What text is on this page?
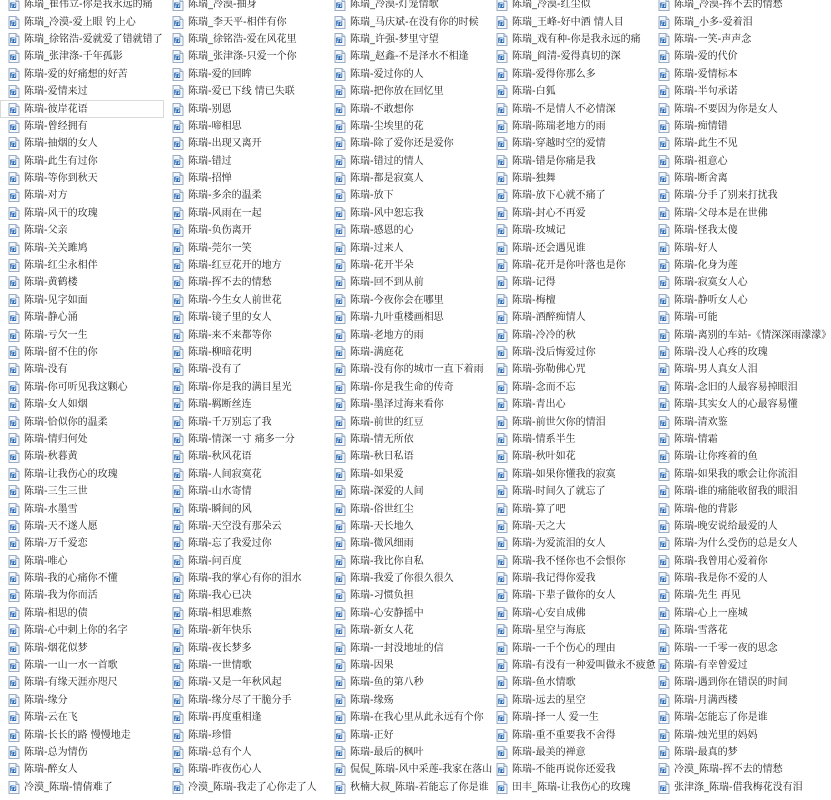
陈瑞_崔伟立-你是我永远的痛
陈瑞_冷漠-爱上眼 钓上心
陈瑞_徐铭浩-爱就爱了错就错了
陈瑞_张津涤-千年孤影
陈瑞-爱的好痛想的好苦
陈瑞-爱情来过
陈瑞-彼岸花语
陈瑞-曾经拥有
陈瑞-抽烟的女人
陈瑞-此生有过你
陈瑞-等你到秋天
陈瑞-对方
陈瑞-风干的玫瑰
陈瑞-父亲
陈瑞-关关雎鸠
陈瑞-红尘永相伴
陈瑞-黄鹤楼
陈瑞-见字如面
陈瑞-静心涌
陈瑞-亏欠一生
陈瑞-留不住的你
陈瑞-没有
陈瑞-你可听见我这颗心
陈瑞-女人如烟
陈瑞-恰似你的温柔
陈瑞-情归何处
陈瑞-秋暮黄
陈瑞-让我伤心的玫瑰
陈瑞-三生三世
陈瑞-水墨雪
陈瑞-天不遂人愿
陈瑞-万千爱恋
陈瑞-唯心
陈瑞-我的心痛你不懂
陈瑞-我为你而活
陈瑞-相思的债
陈瑞-心中刺上你的名字
陈瑞-烟花似梦
陈瑞-一山一水一首歌
陈瑞-有缘天涯亦咫尺
陈瑞-缘分
陈瑞-云在飞
陈瑞-长长的路 慢慢地走
陈瑞-总为情伤
陈瑞-醉女人
冷漠_陈瑞-情倩难了
陈瑞_冷漠-抽身
陈瑞_李天平-相伴有你
陈瑞_徐铭浩-爱在风花里
陈瑞_张津涤-只爱一个你
陈瑞-爱的回眸
陈瑞-爱已下线 情已失联
陈瑞-别恩
陈瑞-啼相思
陈瑞-出现又离开
陈瑞-错过
陈瑞-招惮
陈瑞-多余的温柔
陈瑞-风雨在一起
陈瑞-负伤离开
陈瑞-莞尔一笑
陈瑞-红豆花开的地方
陈瑞-挥不去的情愁
陈瑞-今生女人前世花
陈瑞-镜子里的女人
陈瑞-来不来都等你
陈瑞-柳暗花明
陈瑞-没有了
陈瑞-你是我的满目星光
陈瑞-羁断丝连
陈瑞-千万别忘了我
陈瑞-情深一寸 痛多一分
陈瑞-秋风花语
陈瑞-人间寂寞花
陈瑞-山水寄情
陈瑞-瞬间的风
陈瑞-天空没有那朵云
陈瑞-忘了我爱过你
陈瑞-问百度
陈瑞-我的掌心有你的泪水
陈瑞-我心已决
陈瑞-相思难熬
陈瑞-新年快乐
陈瑞-夜长梦多
陈瑞-一世情歌
陈瑞-又是一年秋风起
陈瑞-缘分尽了干脆分手
陈瑞-再度重相逢
陈瑞-珍惜
陈瑞-总有个人
陈瑞-昨夜伤心人
冷漠_陈瑞-我走了心你走了人
陈瑞_冷漠-灯笼情歌
陈瑞_马庆斌-在没有你的时候
陈瑞_许强-梦里守望
陈瑞_赵鑫-不是泽水不相逢
陈瑞-爱过你的人
陈瑞-把你放在回忆里
陈瑞-不敢想你
陈瑞-尘埃里的花
陈瑞-除了爱你还是爱你
陈瑞-错过的情人
陈瑞-都是寂寞人
陈瑞-放下
陈瑞-风中恕忘我
陈瑞-感恩的心
陈瑞-过来人
陈瑞-花开半朵
陈瑞-回不到从前
陈瑞-今夜你会在哪里
陈瑞-九叶重楼画相思
陈瑞-老地方的雨
陈瑞-满庭花
陈瑞-没有你的城市一直下着雨
陈瑞-你是我生命的传奇
陈瑞-墨泽过海来看你
陈瑞-前世的红豆
陈瑞-情无所依
陈瑞-秋日私语
陈瑞-如果爱
陈瑞-深爱的人间
陈瑞-俗世红尘
陈瑞-天长地久
陈瑞-微风细雨
陈瑞-我比你自私
陈瑞-我爱了你很久很久
陈瑞-习惯负担
陈瑞-心安静摇中
陈瑞-新女人花
陈瑞-一封没地址的信
陈瑞-因果
陈瑞-鱼的第八秒
陈瑞-缘殇
陈瑞-在我心里从此永远有个你
陈瑞-正好
陈瑞-最后的枫叶
侃侃_陈瑞-风中采莲-我家在落山
秋楠大叔_陈瑞-若能忘了你是谁
陈瑞_冷漠-红尘似
陈瑞_王峰-好中酒 情人目
陈瑞_戏有种-你是我永远的痛
陈瑞_阎清-爱得真切的深
陈瑞-爱得你那么多
陈瑞-白狐
陈瑞-不是情人不必情深
陈瑞-陈瑞老地方的雨
陈瑞-穿越时空的爱情
陈瑞-错是你痛是我
陈瑞-独舞
陈瑞-放下心就不痛了
陈瑞-封心不再爱
陈瑞-玫城记
陈瑞-还会遇见谁
陈瑞-花开是你叶落也是你
陈瑞-记得
陈瑞-梅檀
陈瑞-酒醉痴情人
陈瑞-冷冷的秋
陈瑞-没后悔爱过你
陈瑞-弥勒佛心咒
陈瑞-念而不忘
陈瑞-青出心
陈瑞-前世欠你的情泪
陈瑞-情系半生
陈瑞-秋叶如花
陈瑞-如果你懂我的寂寞
陈瑞-时间久了就忘了
陈瑞-算了吧
陈瑞-天之大
陈瑞-为爱流泪的女人
陈瑞-我不怪你也不会恨你
陈瑞-我记得你爱我
陈瑞-下辈子做你的女人
陈瑞-心安自成佛
陈瑞-星空与海底
陈瑞-一千个伤心的理由
陈瑞-有没有一种爱叫做永不疲惫
陈瑞-鱼水情歌
陈瑞-远去的星空
陈瑞-择一人 爱一生
陈瑞-重不重要我不舍得
陈瑞-最美的禅意
陈瑞-不能再说你还爱我
田丰_陈瑞-让我伤心的玫瑰
陈瑞_冷漠-挥不去的情愁
陈瑞_小多-爱着泪
陈瑞-一笑-声声念
陈瑞-爱的代价
陈瑞-爱情标本
陈瑞-半句承诺
陈瑞-不要因为你是女人
陈瑞-痴情错
陈瑞-此生不见
陈瑞-祖意心
陈瑞-断舍离
陈瑞-分手了别来打扰我
陈瑞-父母本是在世佛
陈瑞-怪我太傻
陈瑞-好人
陈瑞-化身为莲
陈瑞-寂寞女人心
陈瑞-静听女人心
陈瑞-可能
陈瑞-离别的车站-《情深深雨濛濛》
陈瑞-没人心疼的玫瑰
陈瑞-男人真女人泪
陈瑞-念旧的人最容易掉眼泪
陈瑞-其实女人的心最容易懂
陈瑞-清欢鉴
陈瑞-情霜
陈瑞-让你疼着的鱼
陈瑞-如果我的歌会让你流泪
陈瑞-谁的痛能收留我的眼泪
陈瑞-他的背影
陈瑞-晚安说给最爱的人
陈瑞-为什么受伤的总是女人
陈瑞-我曾用心爱着你
陈瑞-我是你不爱的人
陈瑞-先生 再见
陈瑞-心上一座城
陈瑞-雪落花
陈瑞-一千零一夜的思念
陈瑞-有幸曾爱过
陈瑞-遇到你在错误的时间
陈瑞-月满西楼
陈瑞-怎能忘了你是谁
陈瑞-烛光里的妈妈
陈瑞-最真的梦
冷漠_陈瑞-挥不去的情愁
张津涤_陈瑞-借我梅花没有泪
